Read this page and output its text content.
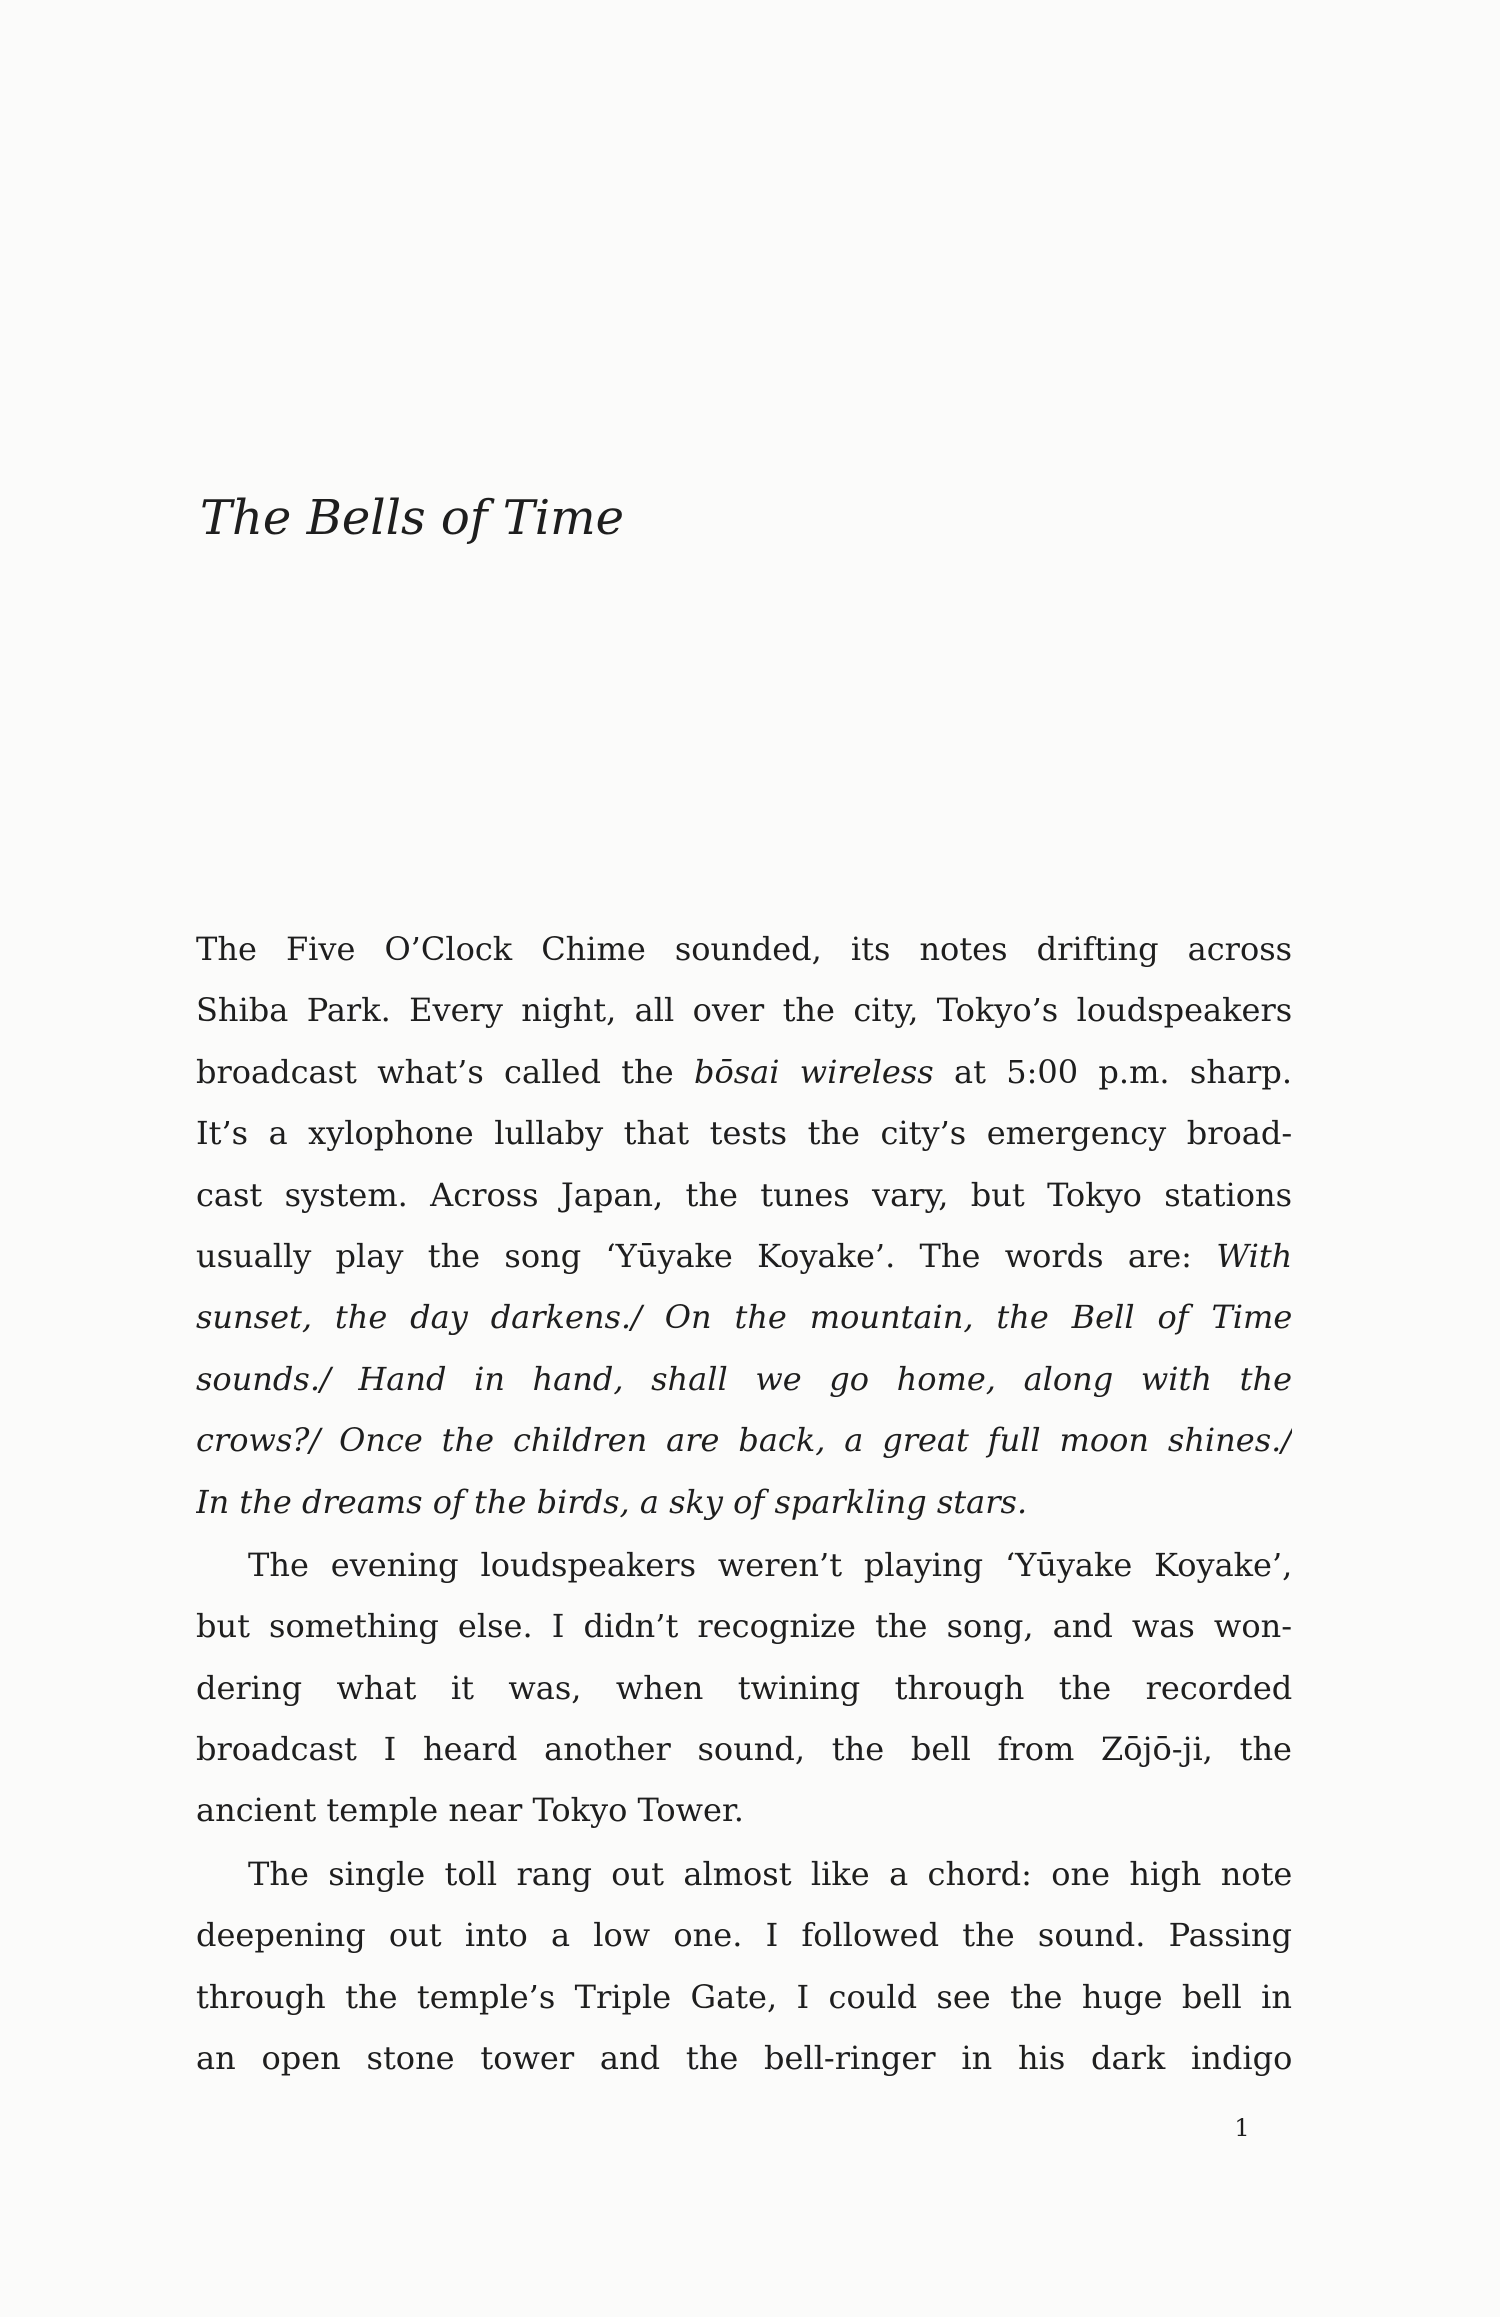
The Bells of Time

The Five O’Clock Chime sounded, its notes drifting across
Shiba Park. Every night, all over the city, Tokyo’s loudspeakers
broadcast what’s called the bōsai wireless at 5:00 p.m. sharp.
It’s a xylophone lullaby that tests the city’s emergency broad-
cast system. Across Japan, the tunes vary, but Tokyo stations
usually play the song ‘Yūyake Koyake’. The words are: With
sunset, the day darkens./ On the mountain, the Bell of Time
sounds./ Hand in hand, shall we go home, along with the
crows?/ Once the children are back, a great full moon shines./
In the dreams of the birds, a sky of sparkling stars.

The evening loudspeakers weren’t playing ‘Yūyake Koyake’,
but something else. I didn’t recognize the song, and was won-
dering what it was, when twining through the recorded
broadcast I heard another sound, the bell from Zōjō-ji, the
ancient temple near Tokyo Tower.

The single toll rang out almost like a chord: one high note
deepening out into a low one. I followed the sound. Passing
through the temple’s Triple Gate, I could see the huge bell in
an open stone tower and the bell-ringer in his dark indigo

1
